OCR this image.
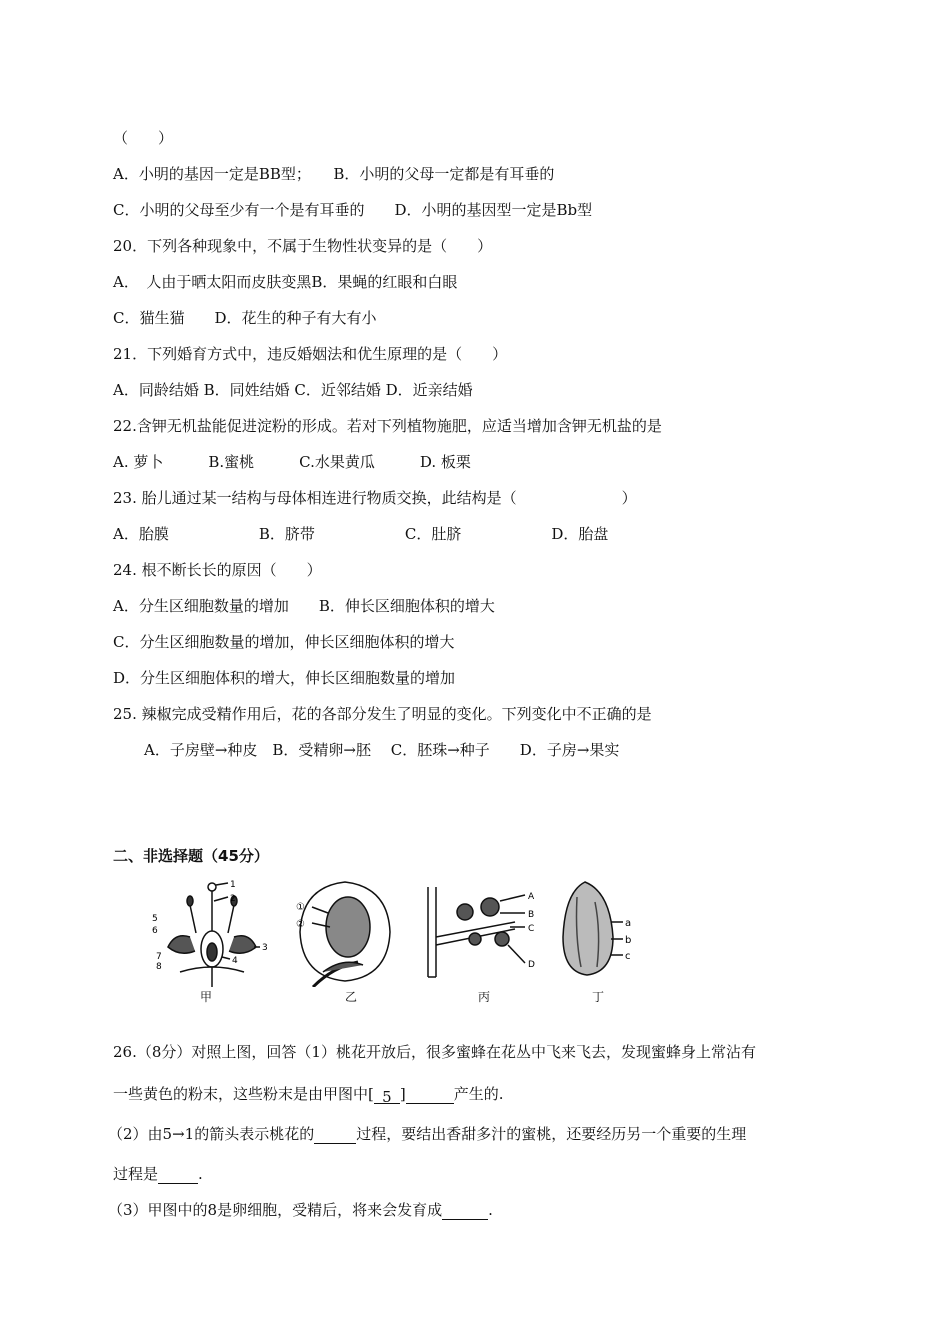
（　　）
A．小明的基因一定是BB型；　　B．小明的父母一定都是有耳垂的
C．小明的父母至少有一个是有耳垂的　　D．小明的基因型一定是Bb型
20．下列各种现象中，不属于生物性状变异的是（　　）
A．　人由于晒太阳而皮肤变黑B．果蝇的红眼和白眼
C．猫生猫　　D．花生的种子有大有小
21．下列婚育方式中，违反婚姻法和优生原理的是（　　）
A．同龄结婚 B．同姓结婚 C．近邻结婚 D．近亲结婚
22.含钾无机盐能促进淀粉的形成。若对下列植物施肥，应适当增加含钾无机盐的是
A. 萝卜　　　B.蜜桃　　　C.水果黄瓜　　　D. 板栗
23. 胎儿通过某一结构与母体相连进行物质交换，此结构是（　　　　　　　）
A．胎膜　　　　　　B．脐带　　　　　　C．肚脐　　　　　　D．胎盘
24. 根不断长长的原因（　　）
A．分生区细胞数量的增加　　B．伸长区细胞体积的增大
C．分生区细胞数量的增加，伸长区细胞体积的增大
D．分生区细胞体积的增大，伸长区细胞数量的增加
25. 辣椒完成受精作用后，花的各部分发生了明显的变化。下列变化中不正确的是
A．子房壁→种皮　B．受精卵→胚　 C．胚珠→种子　　D．子房→果实
二、非选择题（45分）
1
2
3
4
5
6
7
8
甲
①
②
乙
A
B
C
D
丙
a
b
c
丁
26.（8分）对照上图，回答（1）桃花开放后，很多蜜蜂在花丛中飞来飞去，发现蜜蜂身上常沾有
一些黄色的粉末，这些粉末是由甲图中[ 5 ]	产生的.
（2）由5→1的箭头表示桃花的	过程，要结出香甜多汁的蜜桃，还要经历另一个重要的生理
过程是	.
（3）甲图中的8是卵细胞，受精后，将来会发育成	.
